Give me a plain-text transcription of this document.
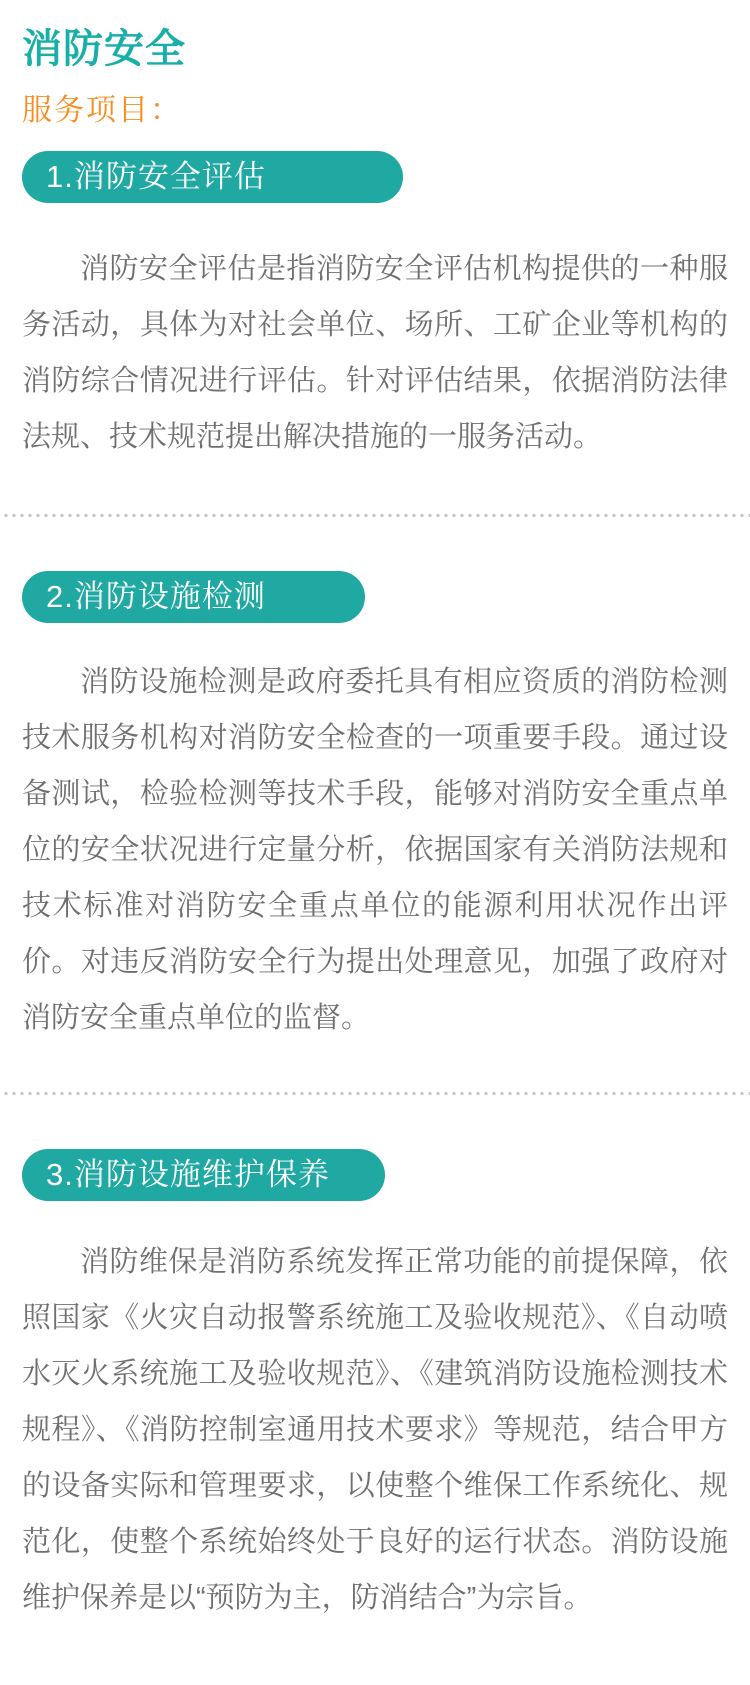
消防安全
服务项目：
1.消防安全评估

消防安全评估是指消防安全评估机构提供的一种服务活动，具体为对社会单位、场所、工矿企业等机构的消防综合情况进行评估。针对评估结果，依据消防法律法规、技术规范提出解决措施的一服务活动。

2.消防设施检测

消防设施检测是政府委托具有相应资质的消防检测技术服务机构对消防安全检查的一项重要手段。通过设备测试，检验检测等技术手段，能够对消防安全重点单位的安全状况进行定量分析，依据国家有关消防法规和技术标准对消防安全重点单位的能源利用状况作出评价。对违反消防安全行为提出处理意见，加强了政府对消防安全重点单位的监督。

3.消防设施维护保养

消防维保是消防系统发挥正常功能的前提保障，依照国家《火灾自动报警系统施工及验收规范》、《自动喷水灭火系统施工及验收规范》、《建筑消防设施检测技术规程》、《消防控制室通用技术要求》等规范，结合甲方的设备实际和管理要求，以使整个维保工作系统化、规范化，使整个系统始终处于良好的运行状态。消防设施维护保养是以“预防为主，防消结合”为宗旨。
